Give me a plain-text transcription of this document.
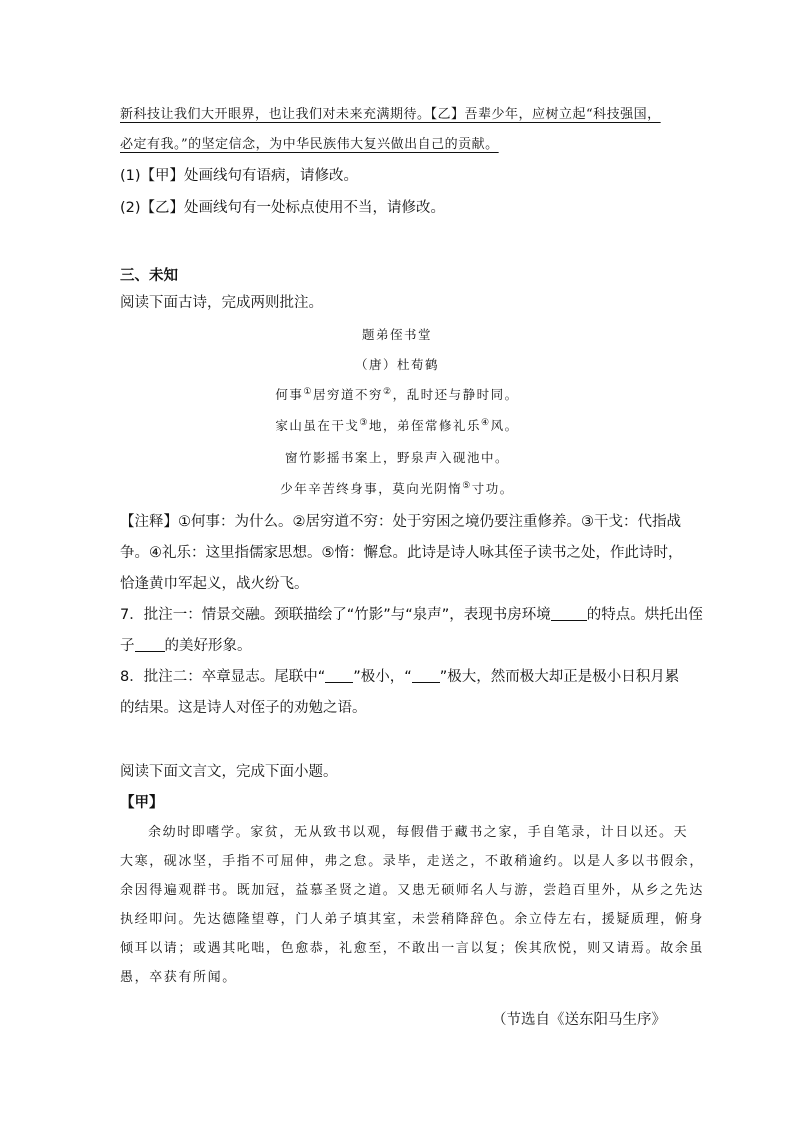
新科技让我们大开眼界，也让我们对未来充满期待。【乙】吾辈少年，应树立起“科技强国，
必定有我。”的坚定信念，为中华民族伟大复兴做出自己的贡献。
(1)【甲】处画线句有语病，请修改。
(2)【乙】处画线句有一处标点使用不当，请修改。
三、未知
阅读下面古诗，完成两则批注。
题弟侄书堂
（唐）杜荀鹤
何事①居穷道不穷②，乱时还与静时同。
家山虽在干戈③地，弟侄常修礼乐④风。
窗竹影摇书案上，野泉声入砚池中。
少年辛苦终身事，莫向光阴惰⑤寸功。
【注释】①何事：为什么。②居穷道不穷：处于穷困之境仍要注重修养。③干戈：代指战
争。④礼乐：这里指儒家思想。⑤惰：懈怠。此诗是诗人咏其侄子读书之处，作此诗时，
恰逢黄巾军起义，战火纷飞。
7．批注一：情景交融。颈联描绘了“竹影”与“泉声”，表现书房环境 的特点。烘托出侄
子 的美好形象。
8．批注二：卒章显志。尾联中“ ”极小，“ ”极大，然而极大却正是极小日积月累
的结果。这是诗人对侄子的劝勉之语。
阅读下面文言文，完成下面小题。
【甲】
余幼时即嗜学。家贫，无从致书以观，每假借于藏书之家，手自笔录，计日以还。天
大寒，砚冰坚，手指不可屈伸，弗之怠。录毕，走送之，不敢稍逾约。以是人多以书假余，
余因得遍观群书。既加冠，益慕圣贤之道。又患无硕师名人与游，尝趋百里外，从乡之先达
执经叩问。先达德隆望尊，门人弟子填其室，未尝稍降辞色。余立侍左右，援疑质理，俯身
倾耳以请；或遇其叱咄，色愈恭，礼愈至，不敢出一言以复；俟其欣悦，则又请焉。故余虽
愚，卒获有所闻。
（节选自《送东阳马生序》
